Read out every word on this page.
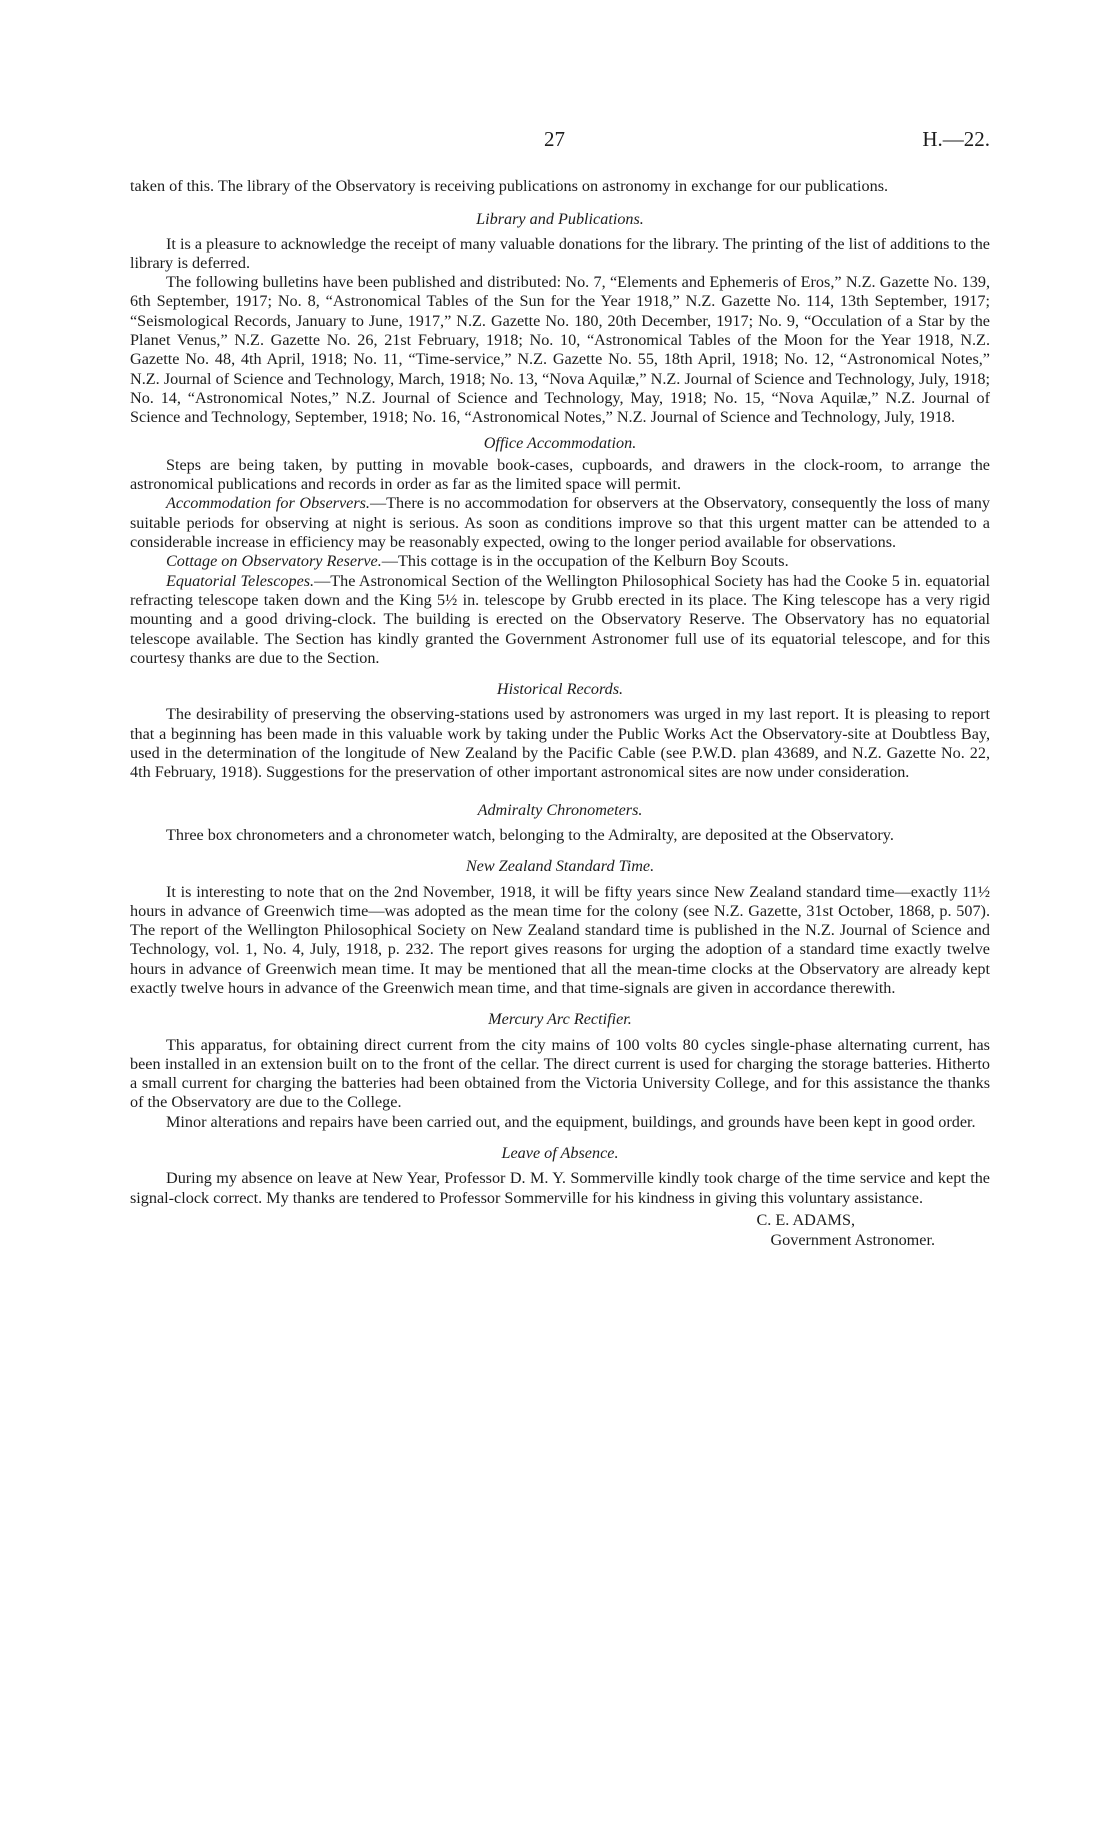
27	H.—22.

taken of this. The library of the Observatory is receiving publications on astronomy in exchange for our publications.

Library and Publications.

It is a pleasure to acknowledge the receipt of many valuable donations for the library. The printing of the list of additions to the library is deferred.

The following bulletins have been published and distributed: No. 7, “Elements and Ephemeris of Eros,” N.Z. Gazette No. 139, 6th September, 1917; No. 8, “Astronomical Tables of the Sun for the Year 1918,” N.Z. Gazette No. 114, 13th September, 1917; “Seismological Records, January to June, 1917,” N.Z. Gazette No. 180, 20th December, 1917; No. 9, “Occulation of a Star by the Planet Venus,” N.Z. Gazette No. 26, 21st February, 1918; No. 10, “Astronomical Tables of the Moon for the Year 1918, N.Z. Gazette No. 48, 4th April, 1918; No. 11, “Time-service,” N.Z. Gazette No. 55, 18th April, 1918; No. 12, “Astronomical Notes,” N.Z. Journal of Science and Technology, March, 1918; No. 13, “Nova Aquilæ,” N.Z. Journal of Science and Technology, July, 1918; No. 14, “Astronomical Notes,” N.Z. Journal of Science and Technology, May, 1918; No. 15, “Nova Aquilæ,” N.Z. Journal of Science and Technology, September, 1918; No. 16, “Astronomical Notes,” N.Z. Journal of Science and Technology, July, 1918.

Office Accommodation.

Steps are being taken, by putting in movable book-cases, cupboards, and drawers in the clock-room, to arrange the astronomical publications and records in order as far as the limited space will permit.

Accommodation for Observers.—There is no accommodation for observers at the Observatory, consequently the loss of many suitable periods for observing at night is serious. As soon as conditions improve so that this urgent matter can be attended to a considerable increase in efficiency may be reasonably expected, owing to the longer period available for observations.

Cottage on Observatory Reserve.—This cottage is in the occupation of the Kelburn Boy Scouts.

Equatorial Telescopes.—The Astronomical Section of the Wellington Philosophical Society has had the Cooke 5 in. equatorial refracting telescope taken down and the King 5½ in. telescope by Grubb erected in its place. The King telescope has a very rigid mounting and a good driving-clock. The building is erected on the Observatory Reserve. The Observatory has no equatorial telescope available. The Section has kindly granted the Government Astronomer full use of its equatorial telescope, and for this courtesy thanks are due to the Section.

Historical Records.

The desirability of preserving the observing-stations used by astronomers was urged in my last report. It is pleasing to report that a beginning has been made in this valuable work by taking under the Public Works Act the Observatory-site at Doubtless Bay, used in the determination of the longitude of New Zealand by the Pacific Cable (see P.W.D. plan 43689, and N.Z. Gazette No. 22, 4th February, 1918). Suggestions for the preservation of other important astronomical sites are now under consideration.

Admiralty Chronometers.

Three box chronometers and a chronometer watch, belonging to the Admiralty, are deposited at the Observatory.

New Zealand Standard Time.

It is interesting to note that on the 2nd November, 1918, it will be fifty years since New Zealand standard time—exactly 11½ hours in advance of Greenwich time—was adopted as the mean time for the colony (see N.Z. Gazette, 31st October, 1868, p. 507). The report of the Wellington Philosophical Society on New Zealand standard time is published in the N.Z. Journal of Science and Technology, vol. 1, No. 4, July, 1918, p. 232. The report gives reasons for urging the adoption of a standard time exactly twelve hours in advance of Greenwich mean time. It may be mentioned that all the mean-time clocks at the Observatory are already kept exactly twelve hours in advance of the Greenwich mean time, and that time-signals are given in accordance therewith.

Mercury Arc Rectifier.

This apparatus, for obtaining direct current from the city mains of 100 volts 80 cycles single-phase alternating current, has been installed in an extension built on to the front of the cellar. The direct current is used for charging the storage batteries. Hitherto a small current for charging the batteries had been obtained from the Victoria University College, and for this assistance the thanks of the Observatory are due to the College.

Minor alterations and repairs have been carried out, and the equipment, buildings, and grounds have been kept in good order.

Leave of Absence.

During my absence on leave at New Year, Professor D. M. Y. Sommerville kindly took charge of the time service and kept the signal-clock correct. My thanks are tendered to Professor Sommerville for his kindness in giving this voluntary assistance.

C. E. ADAMS,
Government Astronomer.
